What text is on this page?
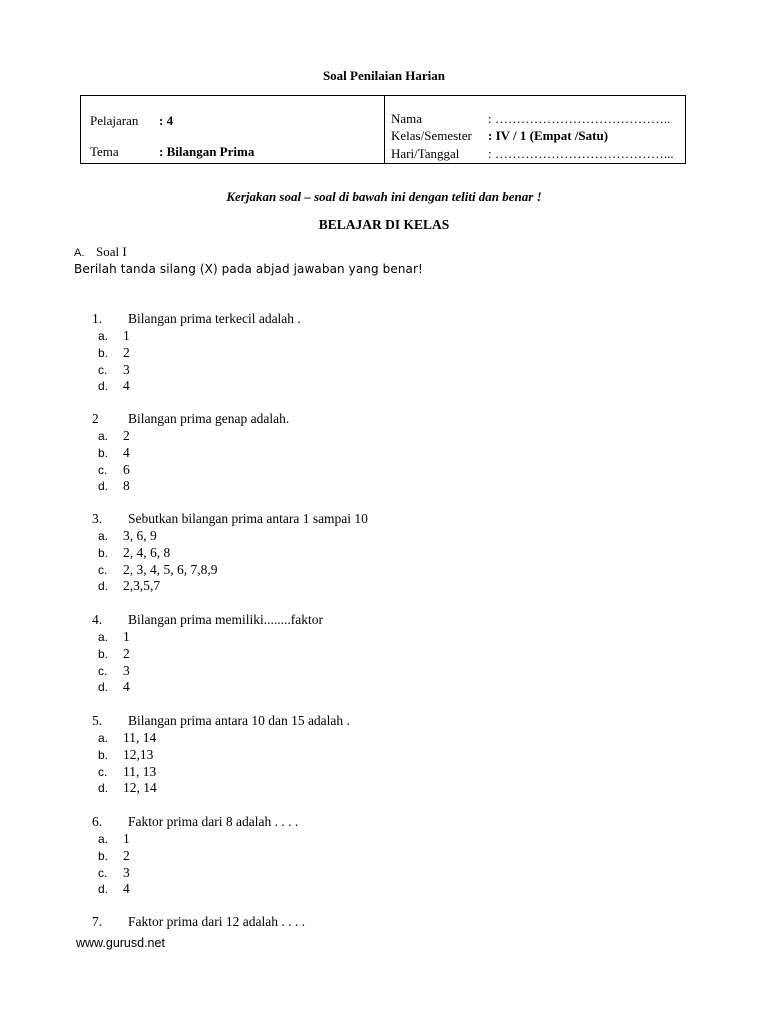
Soal Penilaian Harian
Pelajaran : 4
Tema	: Bilangan Prima
Nama	: …………………………………..
Kelas/Semester : IV / 1 (Empat /Satu)
Hari/Tanggal : …………………………………...
Kerjakan soal – soal di bawah ini dengan teliti dan benar !
BELAJAR DI KELAS
A. Soal I
Berilah tanda silang (X) pada abjad jawaban yang benar!
1. Bilangan prima terkecil adalah .
a. 1
b. 2
c. 3
d. 4
2 Bilangan prima genap adalah.
a. 2
b. 4
c. 6
d. 8
3. Sebutkan bilangan prima antara 1 sampai 10
a. 3, 6, 9
b. 2, 4, 6, 8
c. 2, 3, 4, 5, 6, 7,8,9
d. 2,3,5,7
4. Bilangan prima memiliki........faktor
a. 1
b. 2
c. 3
d. 4
5. Bilangan prima antara 10 dan 15 adalah .
a. 11, 14
b. 12,13
c. 11, 13
d. 12, 14
6. Faktor prima dari 8 adalah . . . .
a. 1
b. 2
c. 3
d. 4
7. Faktor prima dari 12 adalah . . . .
www.gurusd.net
